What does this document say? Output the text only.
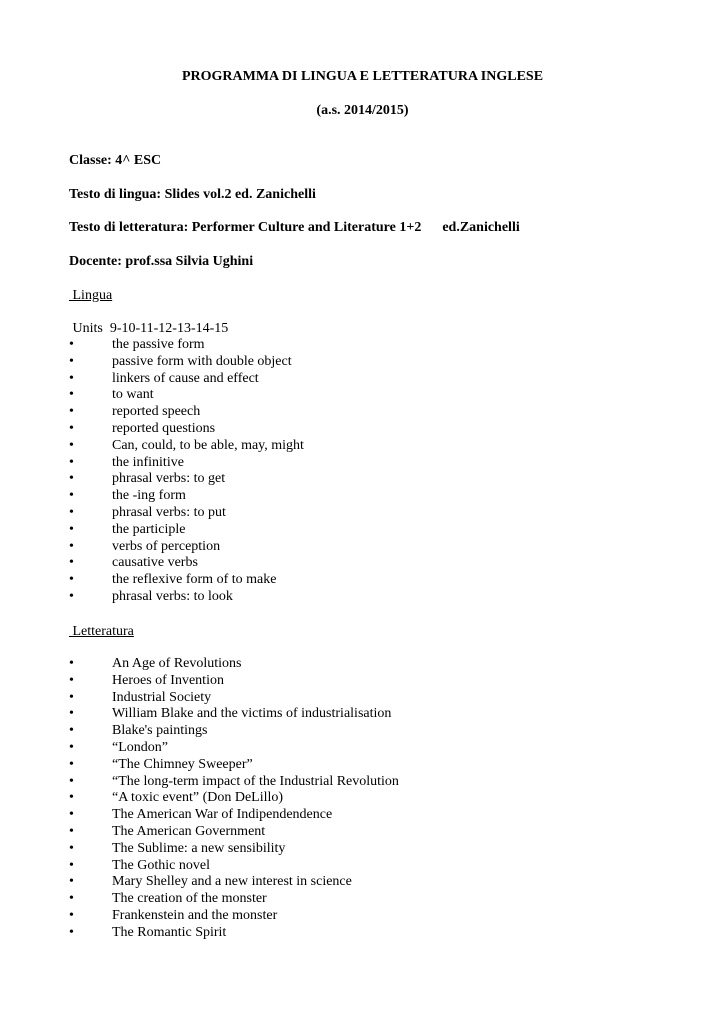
PROGRAMMA DI LINGUA E LETTERATURA INGLESE
(a.s. 2014/2015)
Classe: 4^ ESC
Testo di lingua: Slides vol.2 ed. Zanichelli
Testo di letteratura: Performer Culture and Literature 1+2      ed.Zanichelli
Docente: prof.ssa Silvia Ughini
Lingua
Units  9-10-11-12-13-14-15
•	the passive form
•	passive form with double object
•	linkers of cause and effect
•	to want
•	reported speech
•	reported questions
•	Can, could, to be able, may, might
•	the infinitive
•	phrasal verbs: to get
•	the -ing form
•	phrasal verbs: to put
•	the participle
•	verbs of perception
•	causative verbs
•	the reflexive form of to make
•	phrasal verbs: to look
Letteratura
•	An Age of Revolutions
•	Heroes of Invention
•	Industrial Society
•	William Blake and the victims of industrialisation
•	Blake's paintings
•	“London”
•	“The Chimney Sweeper”
•	“The long-term impact of the Industrial Revolution
•	“A toxic event” (Don DeLillo)
•	The American War of Indipendendence
•	The American Government
•	The Sublime: a new sensibility
•	The Gothic novel
•	Mary Shelley and a new interest in science
•	The creation of the monster
•	Frankenstein and the monster
•	The Romantic Spirit
